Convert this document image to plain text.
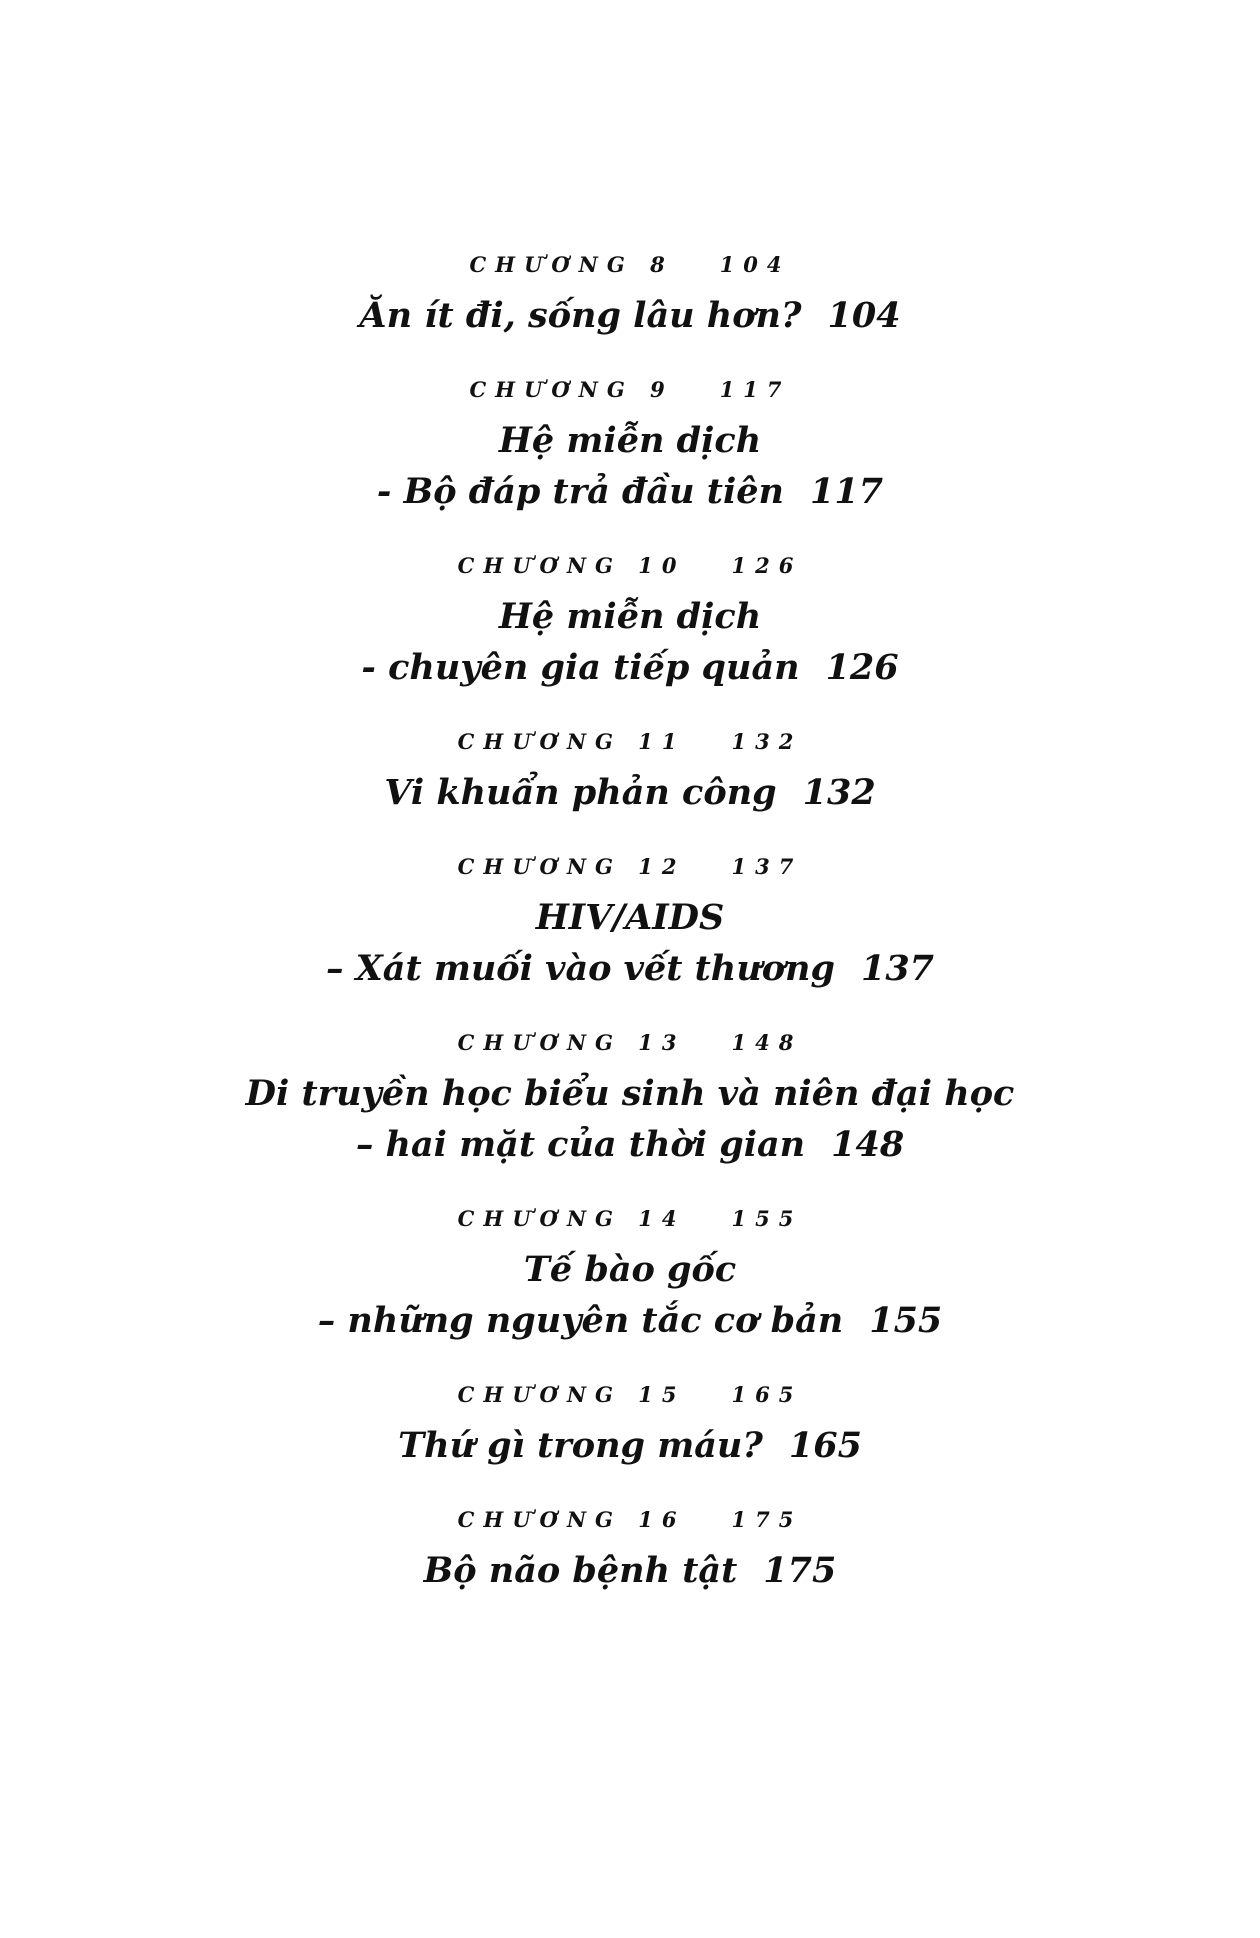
CHƯƠNG 8 104
Ăn ít đi, sống lâu hơn? 104
CHƯƠNG 9 117
Hệ miễn dịch
- Bộ đáp trả đầu tiên 117
CHƯƠNG 10 126
Hệ miễn dịch
- chuyên gia tiếp quản 126
CHƯƠNG 11 132
Vi khuẩn phản công 132
CHƯƠNG 12 137
HIV/AIDS
– Xát muối vào vết thương 137
CHƯƠNG 13 148
Di truyền học biểu sinh và niên đại học
– hai mặt của thời gian 148
CHƯƠNG 14 155
Tế bào gốc
– những nguyên tắc cơ bản 155
CHƯƠNG 15 165
Thứ gì trong máu? 165
CHƯƠNG 16 175
Bộ não bệnh tật 175
